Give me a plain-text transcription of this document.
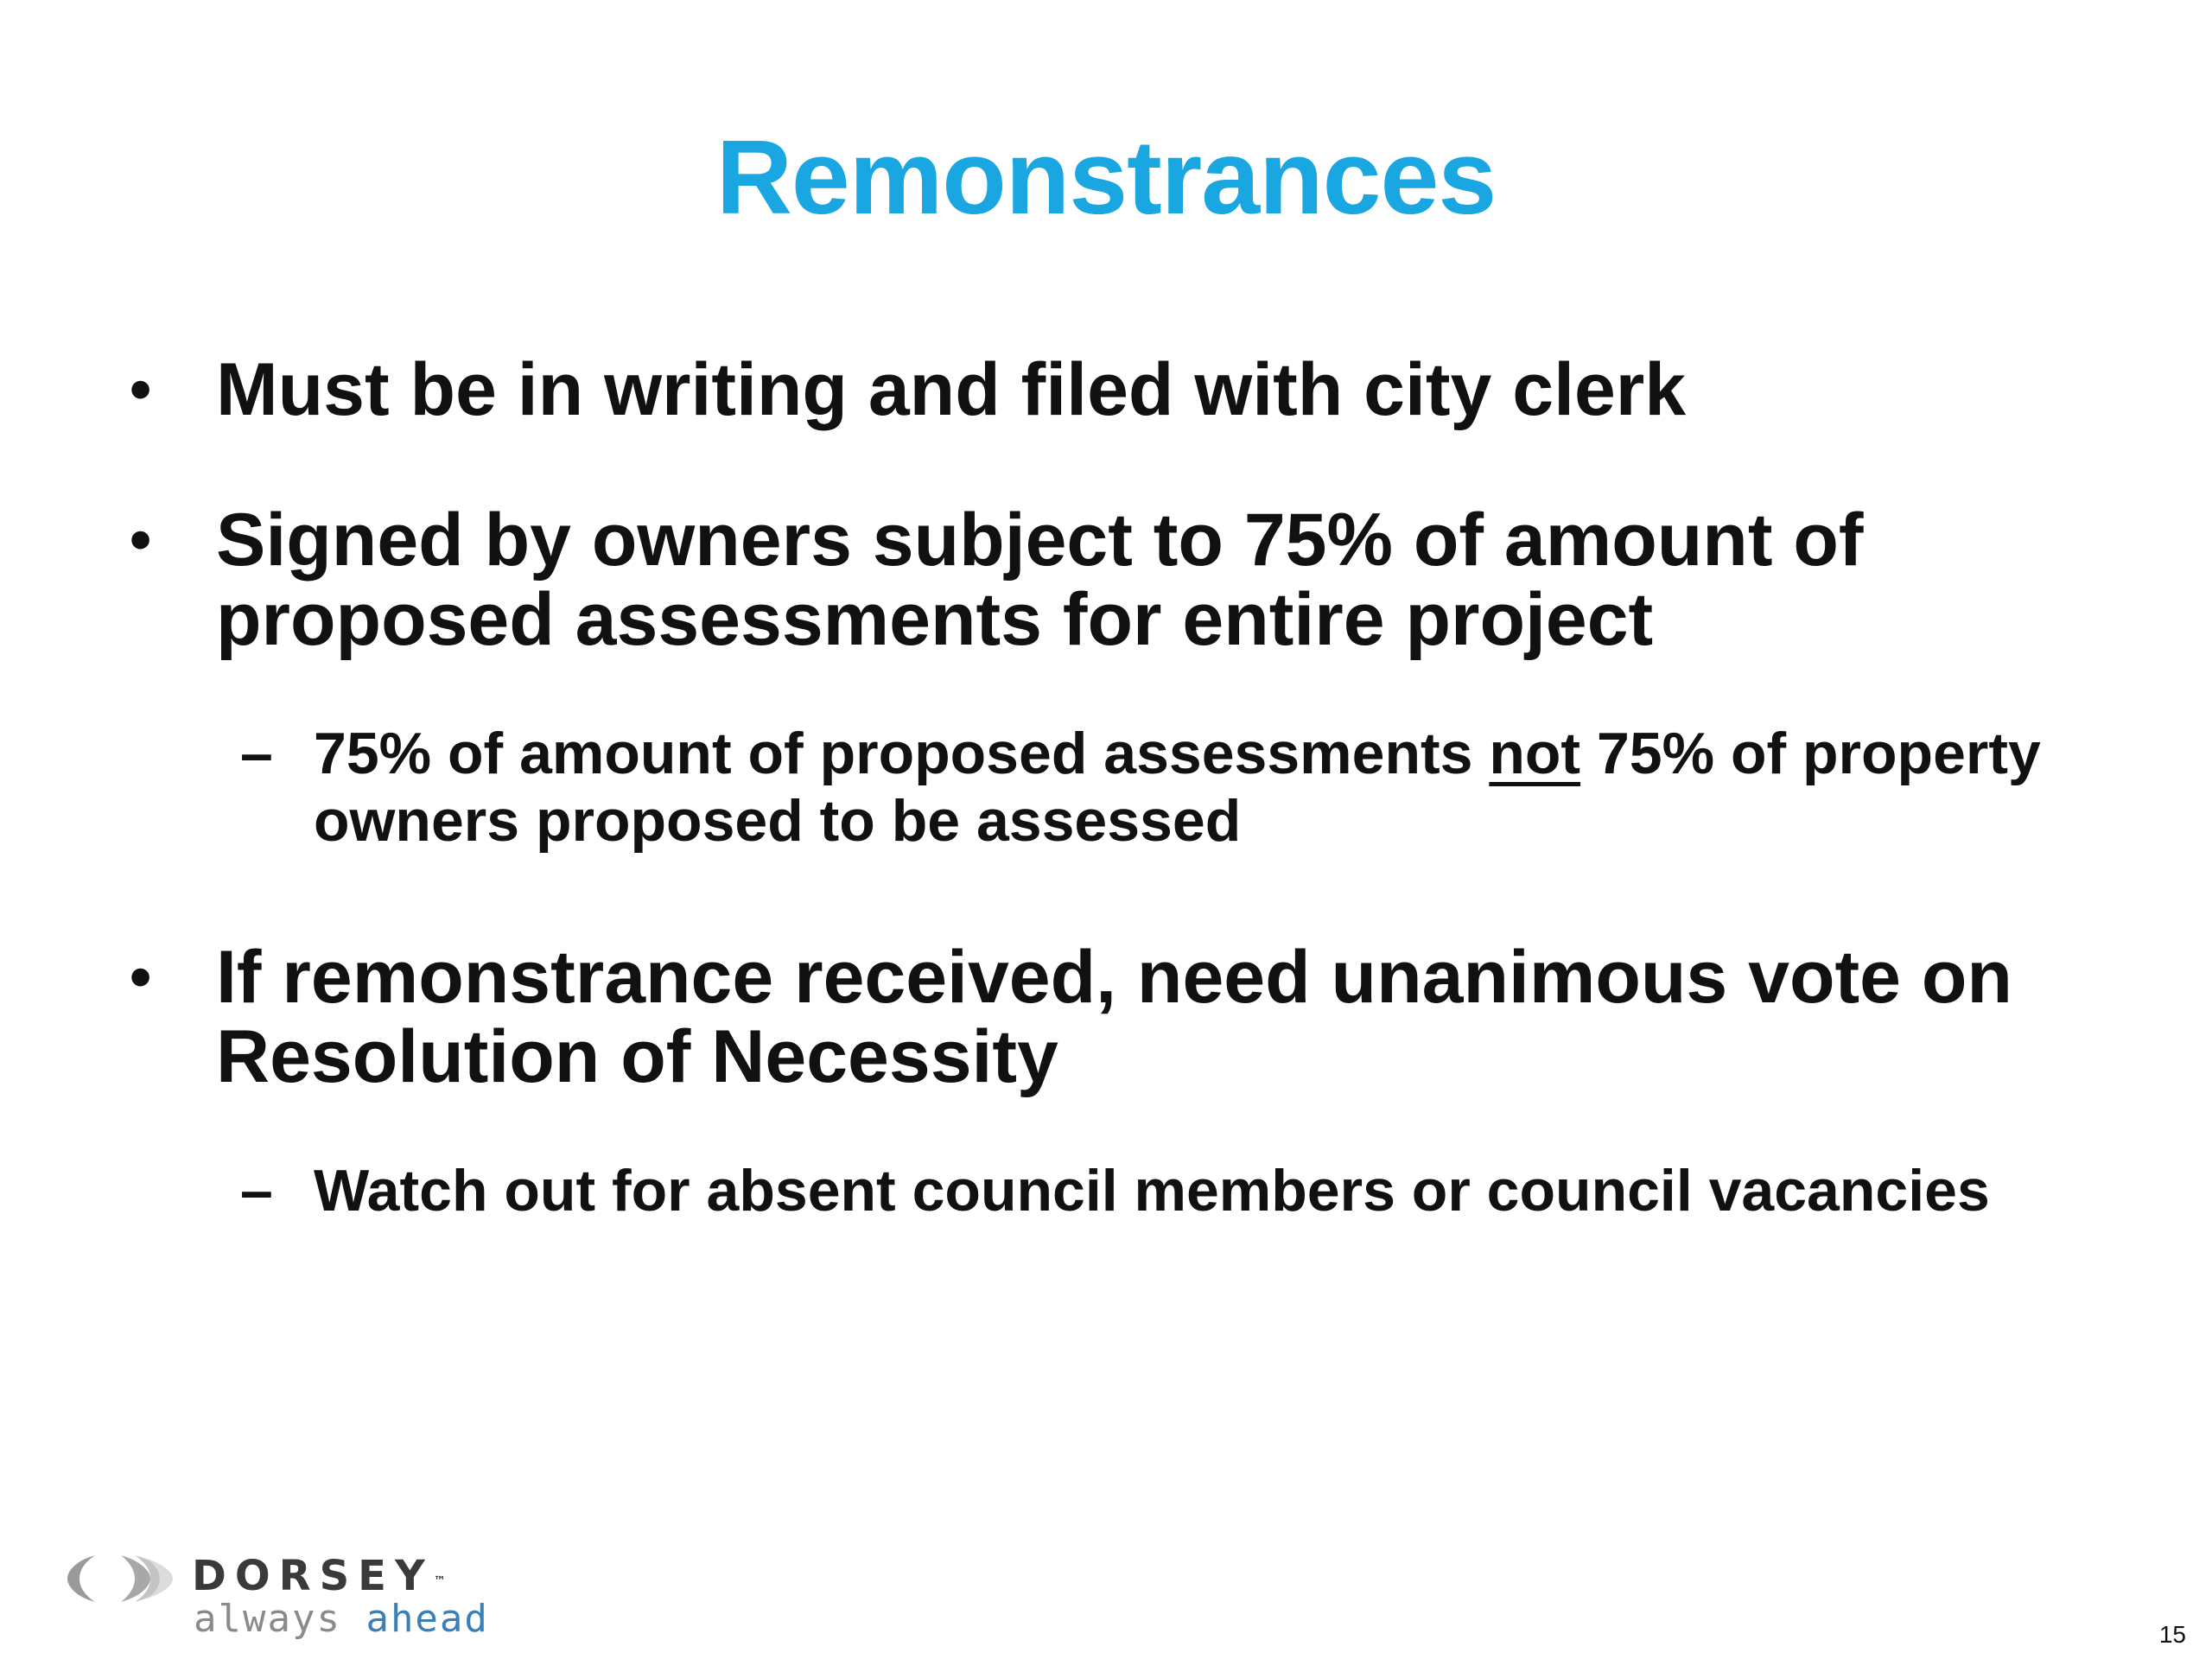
Remonstrances
• Must be in writing and filed with city clerk
• Signed by owners subject to 75% of amount of proposed assessments for entire project
– 75% of amount of proposed assessments not 75% of property owners proposed to be assessed
• If remonstrance received, need unanimous vote on Resolution of Necessity
– Watch out for absent council members or council vacancies
DORSEY™
always ahead	15
